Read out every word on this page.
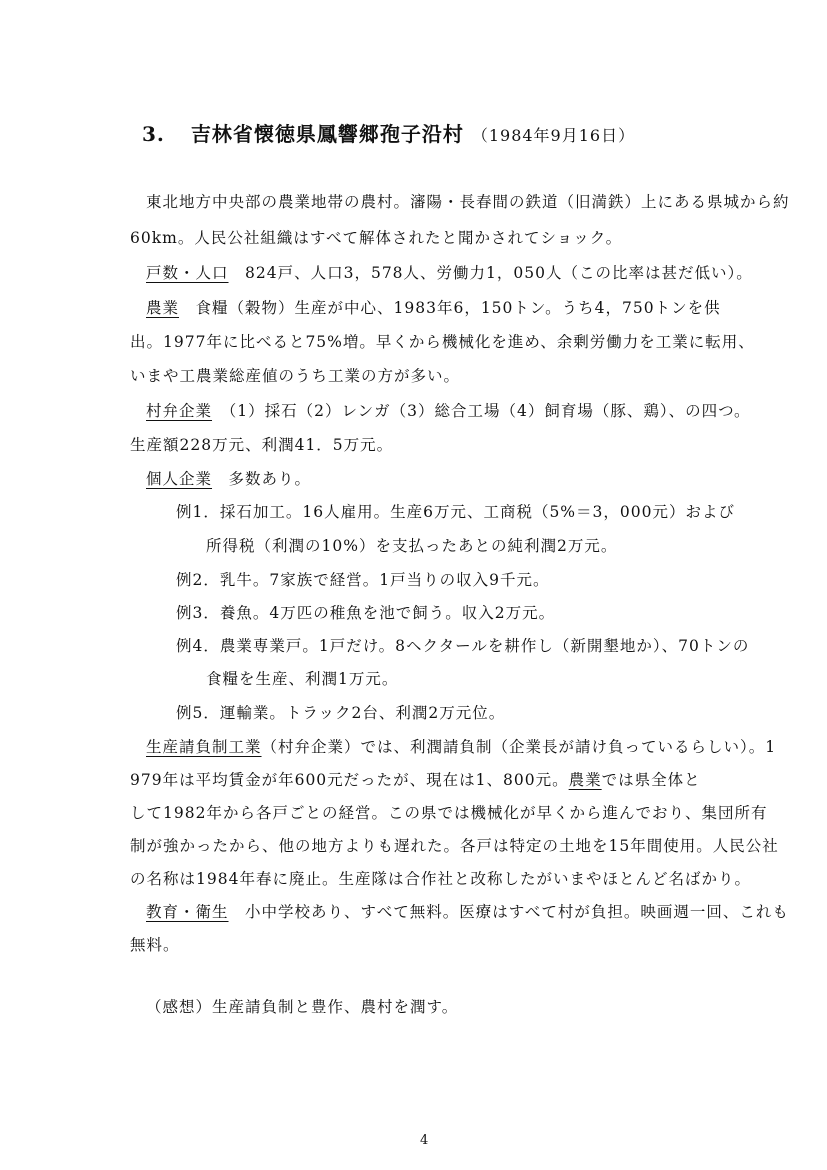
3. 吉林省懐徳県鳳響郷孢子沿村 （1984年9月16日）
東北地方中央部の農業地帯の農村。瀋陽・長春間の鉄道（旧満鉄）上にある県城から約
60km。人民公社組織はすべて解体されたと聞かされてショック。
戸数・人口　824戸、人口3，578人、労働力1，050人（この比率は甚だ低い）。
農業　食糧（穀物）生産が中心、1983年6，150トン。うち4，750トンを供
出。1977年に比べると75%増。早くから機械化を進め、余剰労働力を工業に転用、
いまや工農業総産値のうち工業の方が多い。
村弁企業　（1）採石（2）レンガ（3）総合工場（4）飼育場（豚、鶏）、の四つ。
生産額228万元、利潤41．5万元。
個人企業　多数あり。
例1．採石加工。16人雇用。生産6万元、工商税（5%＝3，000元）および
所得税（利潤の10%）を支払ったあとの純利潤2万元。
例2．乳牛。7家族で経営。1戸当りの収入9千元。
例3．養魚。4万匹の稚魚を池で飼う。収入2万元。
例4．農業専業戸。1戸だけ。8ヘクタールを耕作し（新開墾地か）、70トンの
食糧を生産、利潤1万元。
例5．運輸業。トラック2台、利潤2万元位。
生産請負制工業（村弁企業）では、利潤請負制（企業長が請け負っているらしい）。1
979年は平均賃金が年600元だったが、現在は1、800元。農業では県全体と
して1982年から各戸ごとの経営。この県では機械化が早くから進んでおり、集団所有
制が強かったから、他の地方よりも遅れた。各戸は特定の土地を15年間使用。人民公社
の名称は1984年春に廃止。生産隊は合作社と改称したがいまやほとんど名ばかり。
教育・衛生　小中学校あり、すべて無料。医療はすべて村が負担。映画週一回、これも
無料。
（感想）生産請負制と豊作、農村を潤す。
4
